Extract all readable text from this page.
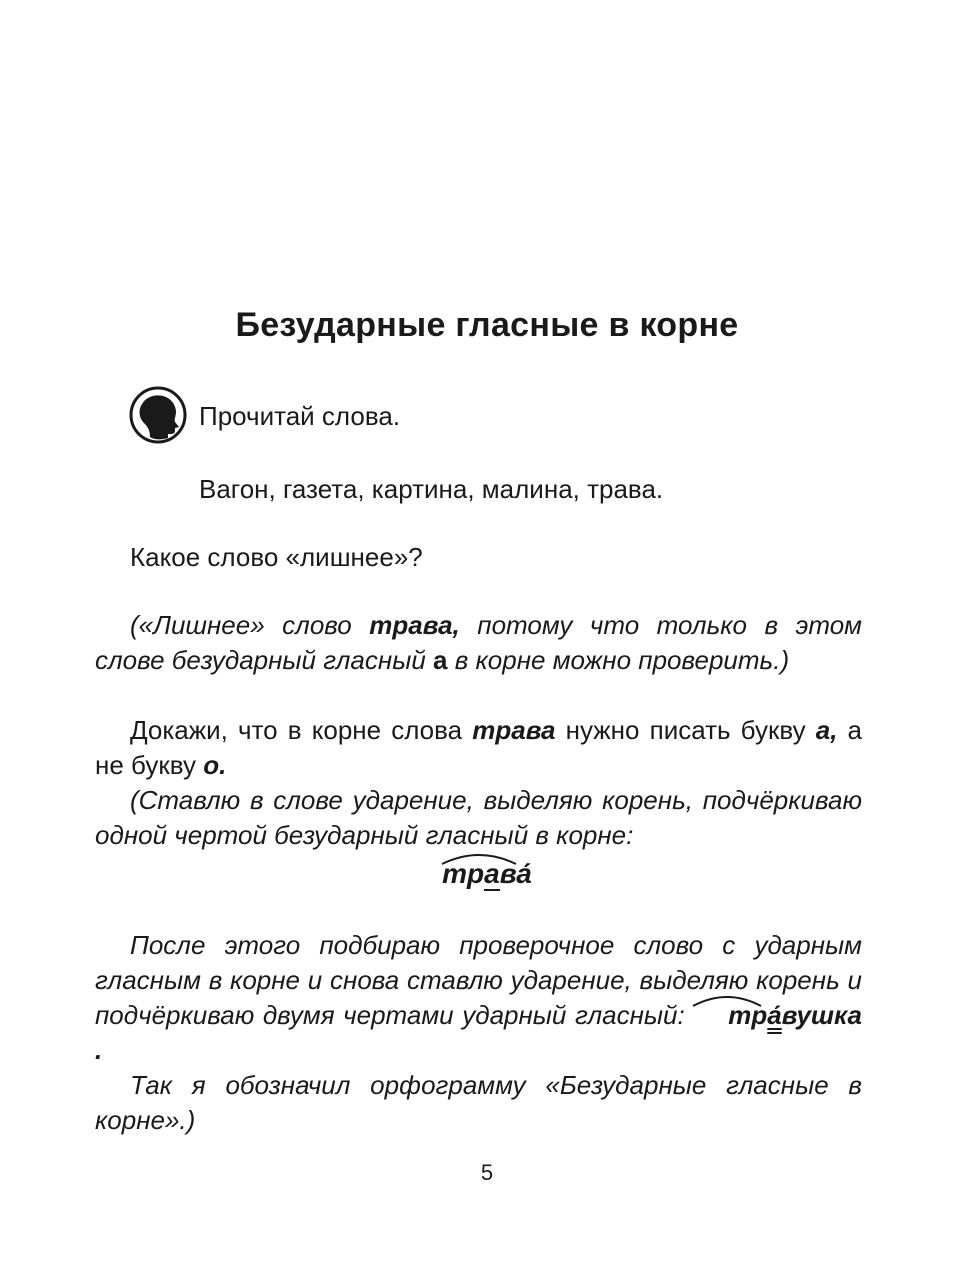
Безударные гласные в корне
Прочитай слова.
Вагон, газета, картина, малина, трава.
Какое слово «лишнее»?

(«Лишнее» слово трава, потому что только в этом слове безударный гласный а в корне можно проверить.)

Докажи, что в корне слова трава нужно писать букву а, а не букву о.

(Ставлю в слове ударение, выделяю корень, подчёркиваю одной чертой безударный гласный в корне:

трава

После этого подбираю проверочное слово с ударным гласным в корне и снова ставлю ударение, выделяю корень и подчёркиваю двумя чертами ударный гласный:
тра́вушка.

Так я обозначил орфограмму «Безударные гласные в корне».)

5
